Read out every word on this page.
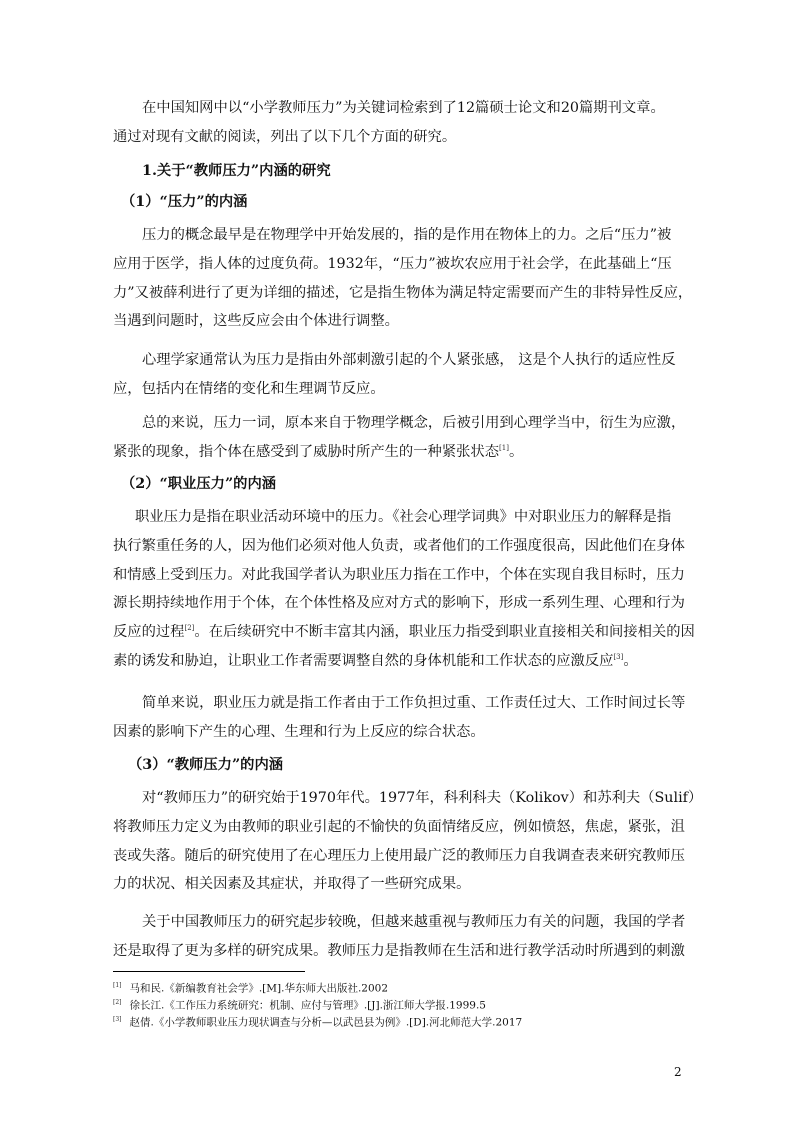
在中国知网中以“小学教师压力”为关键词检索到了12篇硕士论文和20篇期刊文章。
通过对现有文献的阅读，列出了以下几个方面的研究。

1.关于“教师压力”内涵的研究
（1）“压力”的内涵

压力的概念最早是在物理学中开始发展的，指的是作用在物体上的力。之后“压力”被
应用于医学，指人体的过度负荷。1932年，“压力”被坎农应用于社会学，在此基础上“压
力”又被薛利进行了更为详细的描述，它是指生物体为满足特定需要而产生的非特异性反应，
当遇到问题时，这些反应会由个体进行调整。

心理学家通常认为压力是指由外部刺激引起的个人紧张感， 这是个人执行的适应性反
应，包括内在情绪的变化和生理调节反应。

总的来说，压力一词，原本来自于物理学概念，后被引用到心理学当中，衍生为应激，
紧张的现象，指个体在感受到了威胁时所产生的一种紧张状态[1]。

（2）“职业压力”的内涵

职业压力是指在职业活动环境中的压力。《社会心理学词典》中对职业压力的解释是指
执行繁重任务的人，因为他们必须对他人负责，或者他们的工作强度很高，因此他们在身体
和情感上受到压力。对此我国学者认为职业压力指在工作中，个体在实现自我目标时，压力
源长期持续地作用于个体，在个体性格及应对方式的影响下，形成一系列生理、心理和行为
反应的过程[2]。在后续研究中不断丰富其内涵，职业压力指受到职业直接相关和间接相关的因
素的诱发和胁迫，让职业工作者需要调整自然的身体机能和工作状态的应激反应[3]。

简单来说，职业压力就是指工作者由于工作负担过重、工作责任过大、工作时间过长等
因素的影响下产生的心理、生理和行为上反应的综合状态。

（3）“教师压力”的内涵

对“教师压力”的研究始于1970年代。1977年，科利科夫（Kolikov）和苏利夫（Sulif）
将教师压力定义为由教师的职业引起的不愉快的负面情绪反应，例如愤怒，焦虑，紧张，沮
丧或失落。随后的研究使用了在心理压力上使用最广泛的教师压力自我调查表来研究教师压
力的状况、相关因素及其症状，并取得了一些研究成果。

关于中国教师压力的研究起步较晚，但越来越重视与教师压力有关的问题，我国的学者
还是取得了更为多样的研究成果。教师压力是指教师在生活和进行教学活动时所遇到的刺激

[1] 马和民.《新编教育社会学》.[M].华东师大出版社.2002
[2] 徐长江.《工作压力系统研究：机制、应付与管理》.[J].浙江师大学报.1999.5
[3] 赵倩.《小学教师职业压力现状调查与分析—以武邑县为例》.[D].河北师范大学.2017
2
